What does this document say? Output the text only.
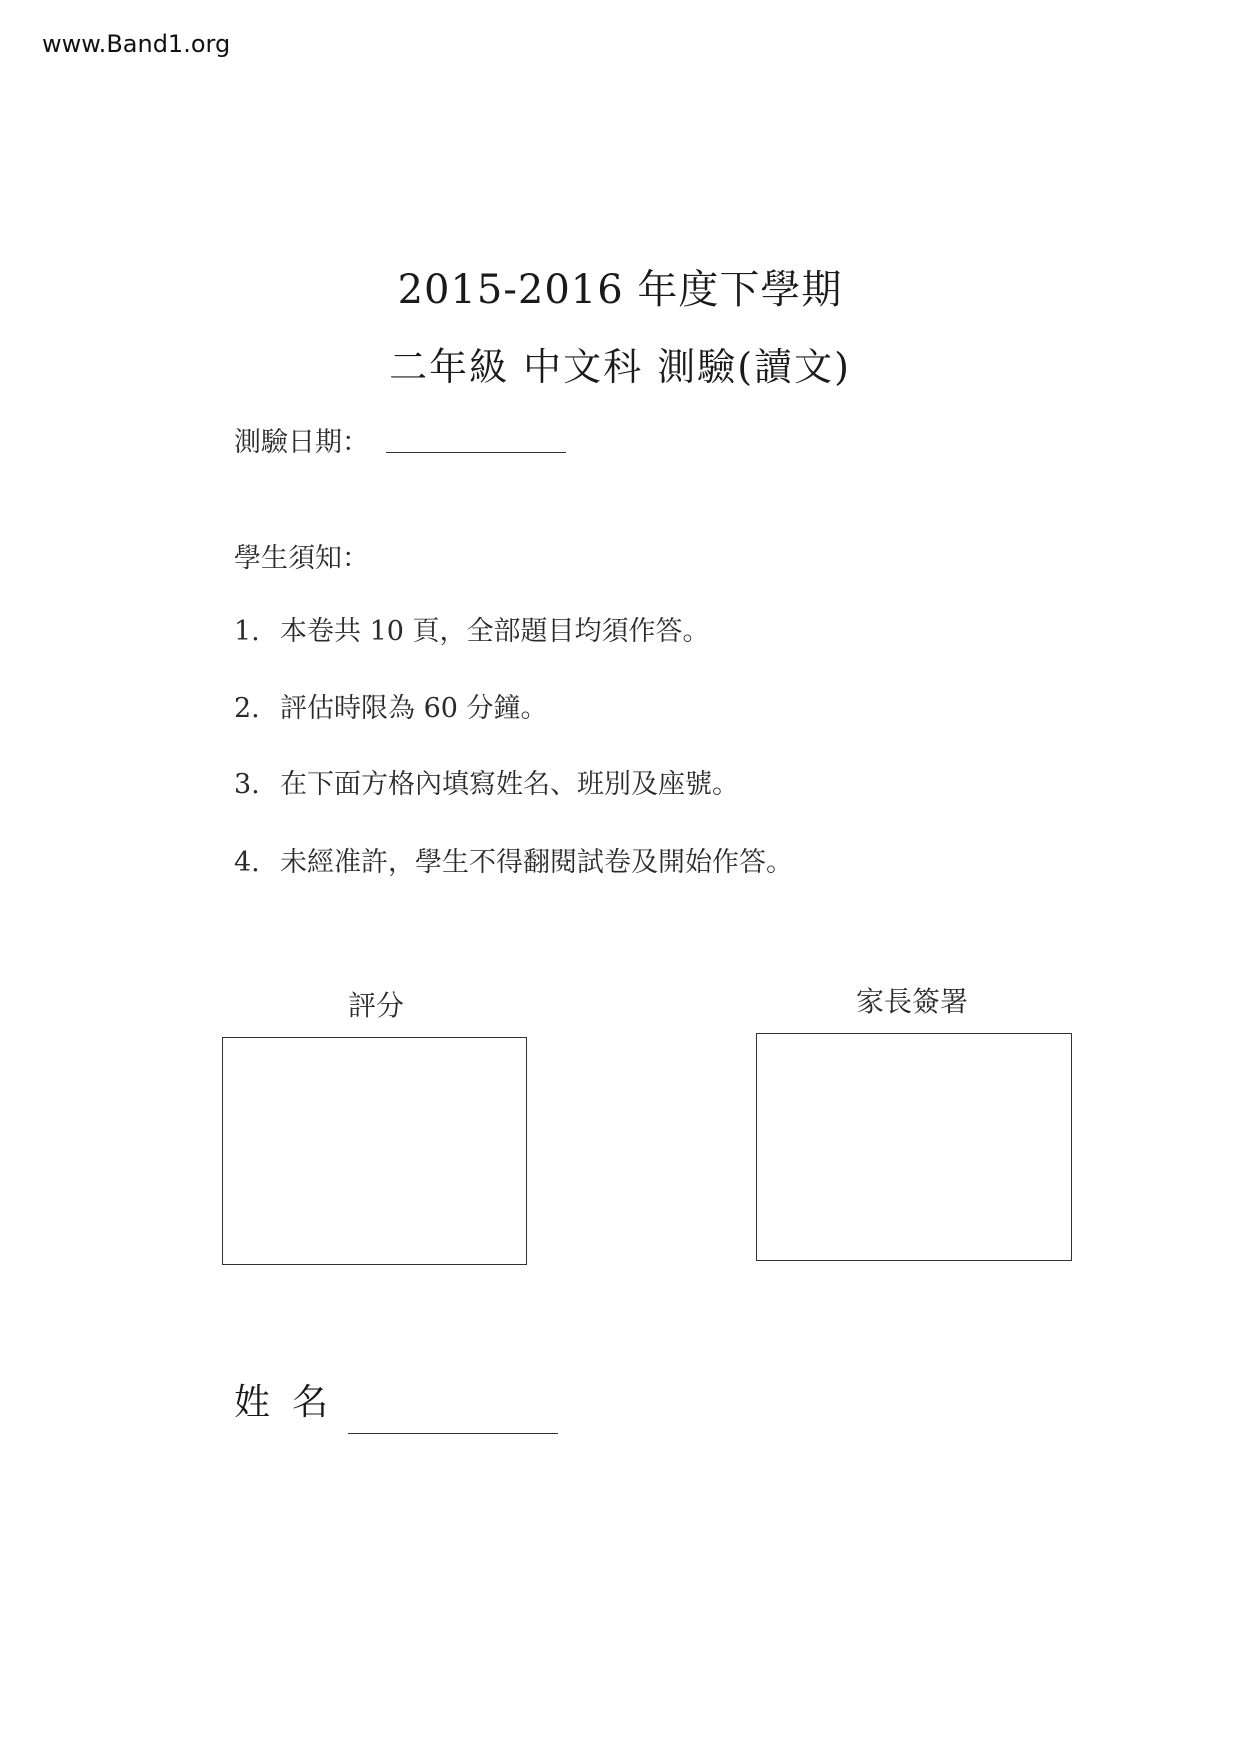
www.Band1.org
2015-2016 年度下學期
二年級 中文科 測驗(讀文)
測驗日期：
學生須知：
1. 本卷共 10 頁，全部題目均須作答。
2. 評估時限為 60 分鐘。
3. 在下面方格內填寫姓名、班別及座號。
4. 未經准許，學生不得翻閱試卷及開始作答。
評分	家長簽署
姓名
